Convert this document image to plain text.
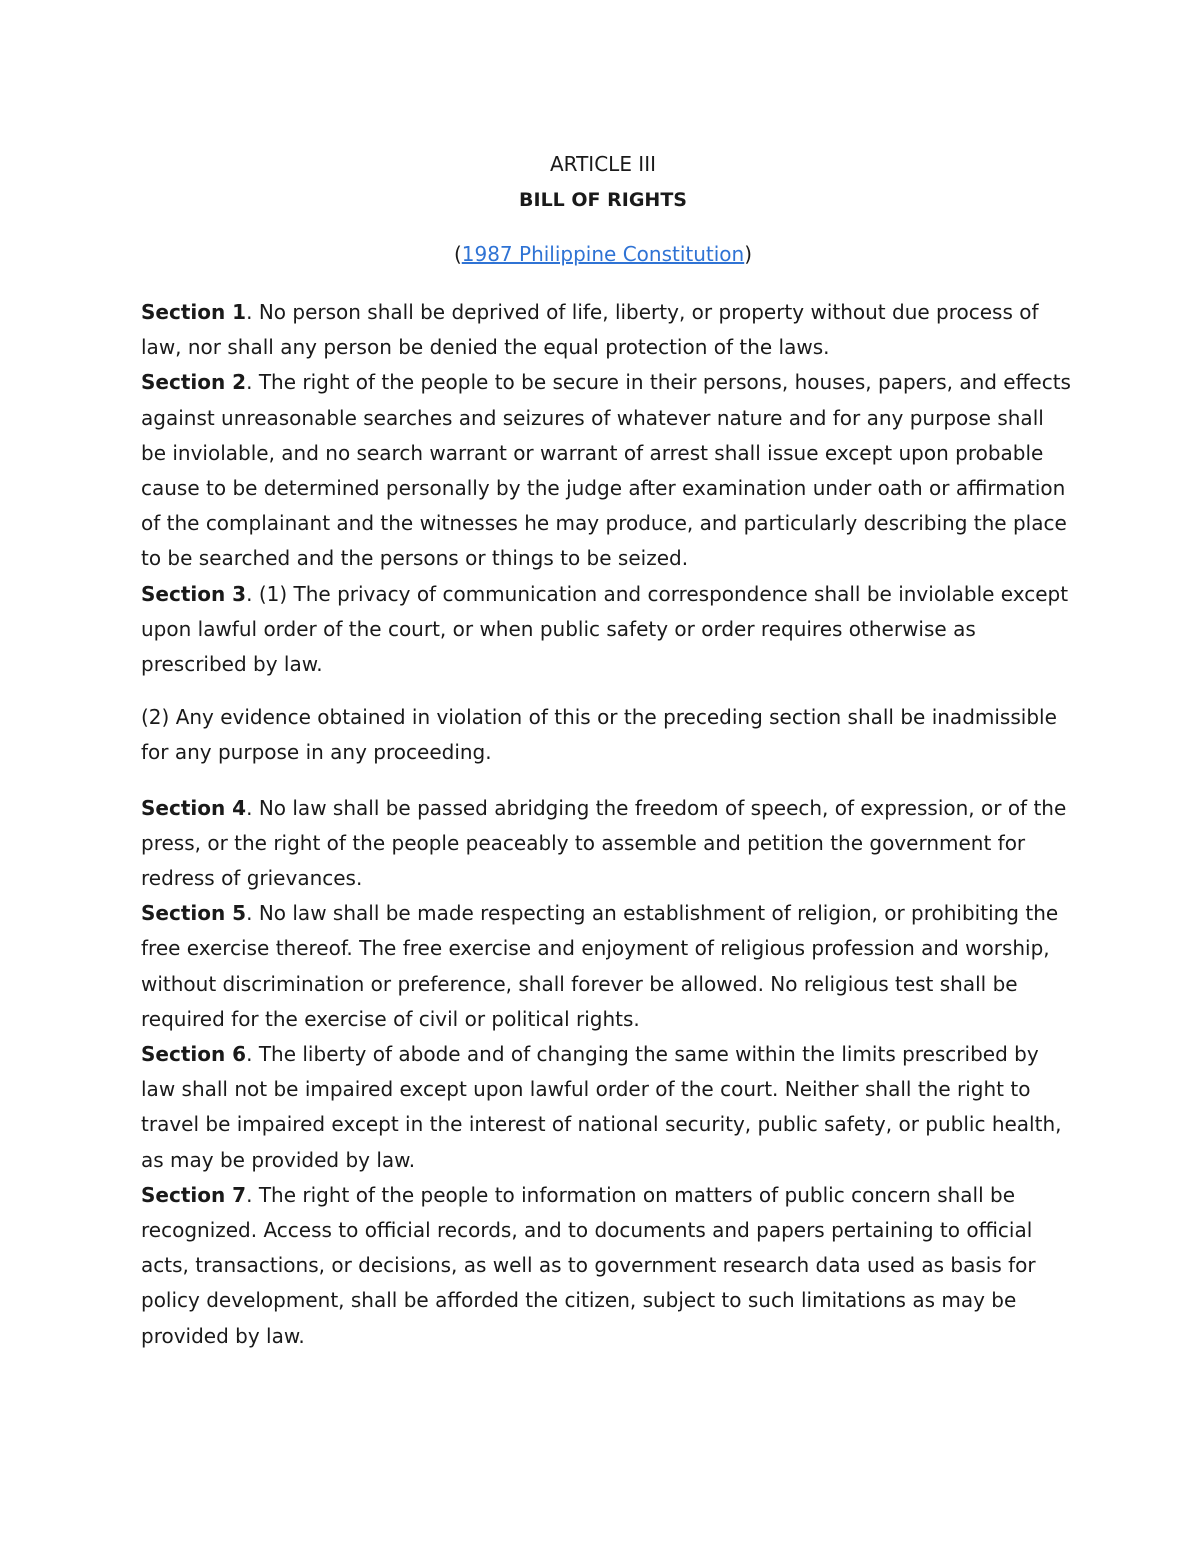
ARTICLE III

BILL OF RIGHTS

(1987 Philippine Constitution)

Section 1. No person shall be deprived of life, liberty, or property without due process of law, nor shall any person be denied the equal protection of the laws.

Section 2. The right of the people to be secure in their persons, houses, papers, and effects against unreasonable searches and seizures of whatever nature and for any purpose shall be inviolable, and no search warrant or warrant of arrest shall issue except upon probable cause to be determined personally by the judge after examination under oath or affirmation of the complainant and the witnesses he may produce, and particularly describing the place to be searched and the persons or things to be seized.

Section 3. (1) The privacy of communication and correspondence shall be inviolable except upon lawful order of the court, or when public safety or order requires otherwise as prescribed by law.

(2) Any evidence obtained in violation of this or the preceding section shall be inadmissible for any purpose in any proceeding.

Section 4. No law shall be passed abridging the freedom of speech, of expression, or of the press, or the right of the people peaceably to assemble and petition the government for redress of grievances.

Section 5. No law shall be made respecting an establishment of religion, or prohibiting the free exercise thereof. The free exercise and enjoyment of religious profession and worship, without discrimination or preference, shall forever be allowed. No religious test shall be required for the exercise of civil or political rights.

Section 6. The liberty of abode and of changing the same within the limits prescribed by law shall not be impaired except upon lawful order of the court. Neither shall the right to travel be impaired except in the interest of national security, public safety, or public health, as may be provided by law.

Section 7. The right of the people to information on matters of public concern shall be recognized. Access to official records, and to documents and papers pertaining to official acts, transactions, or decisions, as well as to government research data used as basis for policy development, shall be afforded the citizen, subject to such limitations as may be provided by law.
